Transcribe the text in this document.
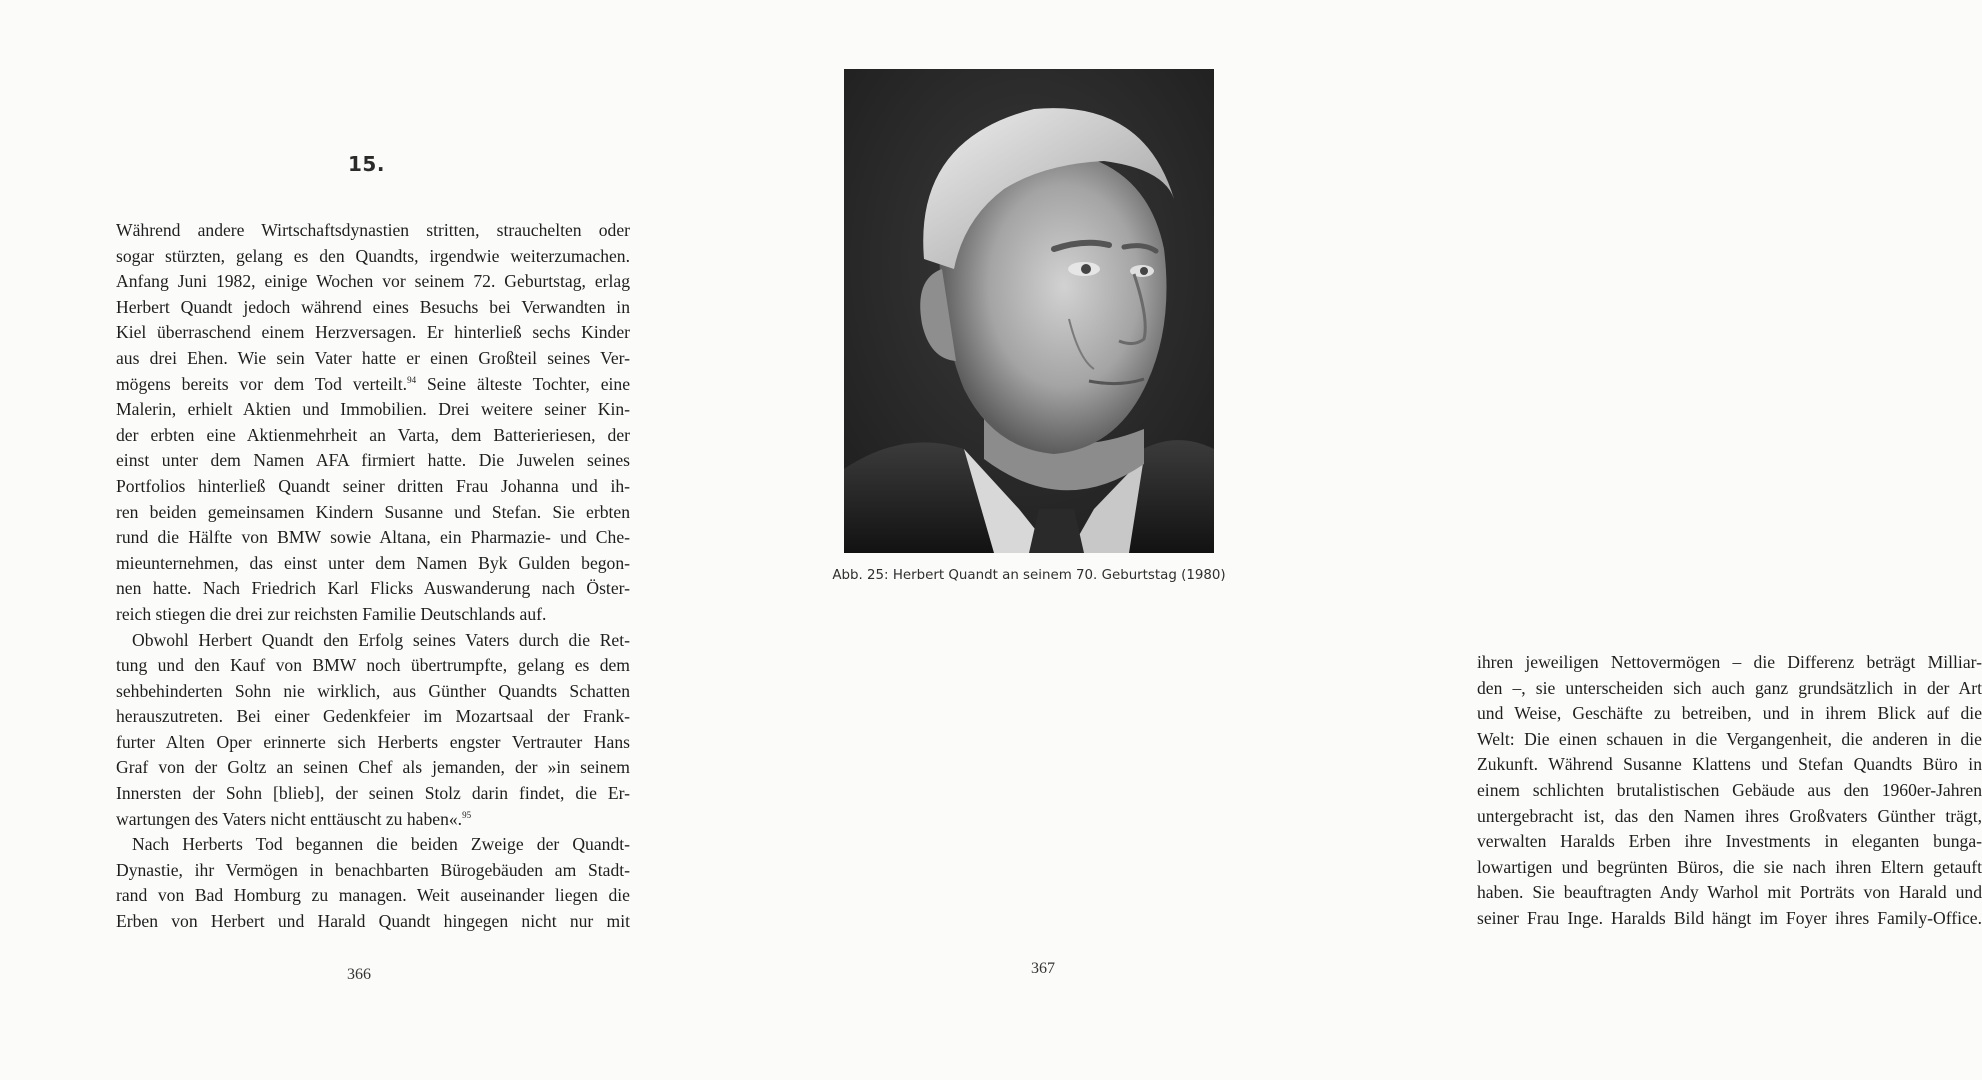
15.
Während andere Wirtschaftsdynastien stritten, strauchelten oder
sogar stürzten, gelang es den Quandts, irgendwie weiterzumachen.
Anfang Juni 1982, einige Wochen vor seinem 72. Geburtstag, erlag
Herbert Quandt jedoch während eines Besuchs bei Verwandten in
Kiel überraschend einem Herzversagen. Er hinterließ sechs Kinder
aus drei Ehen. Wie sein Vater hatte er einen Großteil seines Ver-
mögens bereits vor dem Tod verteilt.$^{94}$ Seine älteste Tochter, eine
Malerin, erhielt Aktien und Immobilien. Drei weitere seiner Kin-
der erbten eine Aktienmehrheit an Varta, dem Batterieriesen, der
einst unter dem Namen AFA firmiert hatte. Die Juwelen seines
Portfolios hinterließ Quandt seiner dritten Frau Johanna und ih-
ren beiden gemeinsamen Kindern Susanne und Stefan. Sie erbten
rund die Hälfte von BMW sowie Altana, ein Pharmazie- und Che-
mieunternehmen, das einst unter dem Namen Byk Gulden begon-
nen hatte. Nach Friedrich Karl Flicks Auswanderung nach Öster-
reich stiegen die drei zur reichsten Familie Deutschlands auf.
Obwohl Herbert Quandt den Erfolg seines Vaters durch die Ret-
tung und den Kauf von BMW noch übertrumpfte, gelang es dem
sehbehinderten Sohn nie wirklich, aus Günther Quandts Schatten
herauszutreten. Bei einer Gedenkfeier im Mozartsaal der Frank-
furter Alten Oper erinnerte sich Herberts engster Vertrauter Hans
Graf von der Goltz an seinen Chef als jemanden, der »in seinem
Innersten der Sohn [blieb], der seinen Stolz darin findet, die Er-
wartungen des Vaters nicht enttäuscht zu haben«.$^{95}$
Nach Herberts Tod begannen die beiden Zweige der Quandt-
Dynastie, ihr Vermögen in benachbarten Bürogebäuden am Stadt-
rand von Bad Homburg zu managen. Weit auseinander liegen die
Erben von Herbert und Harald Quandt hingegen nicht nur mit
366
Abb. 25: Herbert Quandt an seinem 70. Geburtstag (1980)
ihren jeweiligen Nettovermögen – die Differenz beträgt Milliar-
den –, sie unterscheiden sich auch ganz grundsätzlich in der Art
und Weise, Geschäfte zu betreiben, und in ihrem Blick auf die
Welt: Die einen schauen in die Vergangenheit, die anderen in die
Zukunft. Während Susanne Klattens und Stefan Quandts Büro in
einem schlichten brutalistischen Gebäude aus den 1960er-Jahren
untergebracht ist, das den Namen ihres Großvaters Günther trägt,
verwalten Haralds Erben ihre Investments in eleganten bunga-
lowartigen und begrünten Büros, die sie nach ihren Eltern getauft
haben. Sie beauftragten Andy Warhol mit Porträts von Harald und
seiner Frau Inge. Haralds Bild hängt im Foyer ihres Family-Office.
367
